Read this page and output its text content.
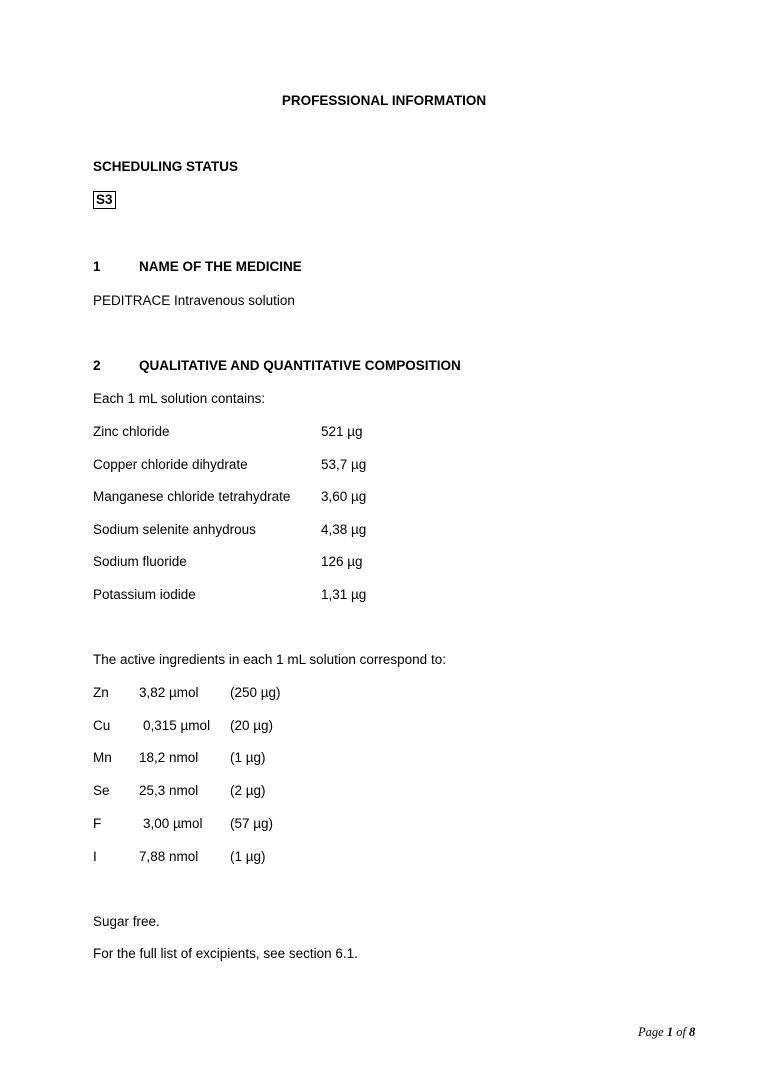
PROFESSIONAL INFORMATION
SCHEDULING STATUS
S3
1	NAME OF THE MEDICINE
PEDITRACE Intravenous solution
2	QUALITATIVE AND QUANTITATIVE COMPOSITION
Each 1 mL solution contains:
Zinc chloride	521 µg
Copper chloride dihydrate	53,7 µg
Manganese chloride tetrahydrate 3,60 µg
Sodium selenite anhydrous	4,38 µg
Sodium fluoride	126 µg
Potassium iodide	1,31 µg
The active ingredients in each 1 mL solution correspond to:
Zn 3,82 µmol (250 µg)
Cu 0,315 µmol (20 µg)
Mn 18,2 nmol (1 µg)
Se 25,3 nmol (2 µg)
F	3,00 µmol (57 µg)
I	7,88 nmol (1 µg)
Sugar free.
For the full list of excipients, see section 6.1.
Page 1 of 8
